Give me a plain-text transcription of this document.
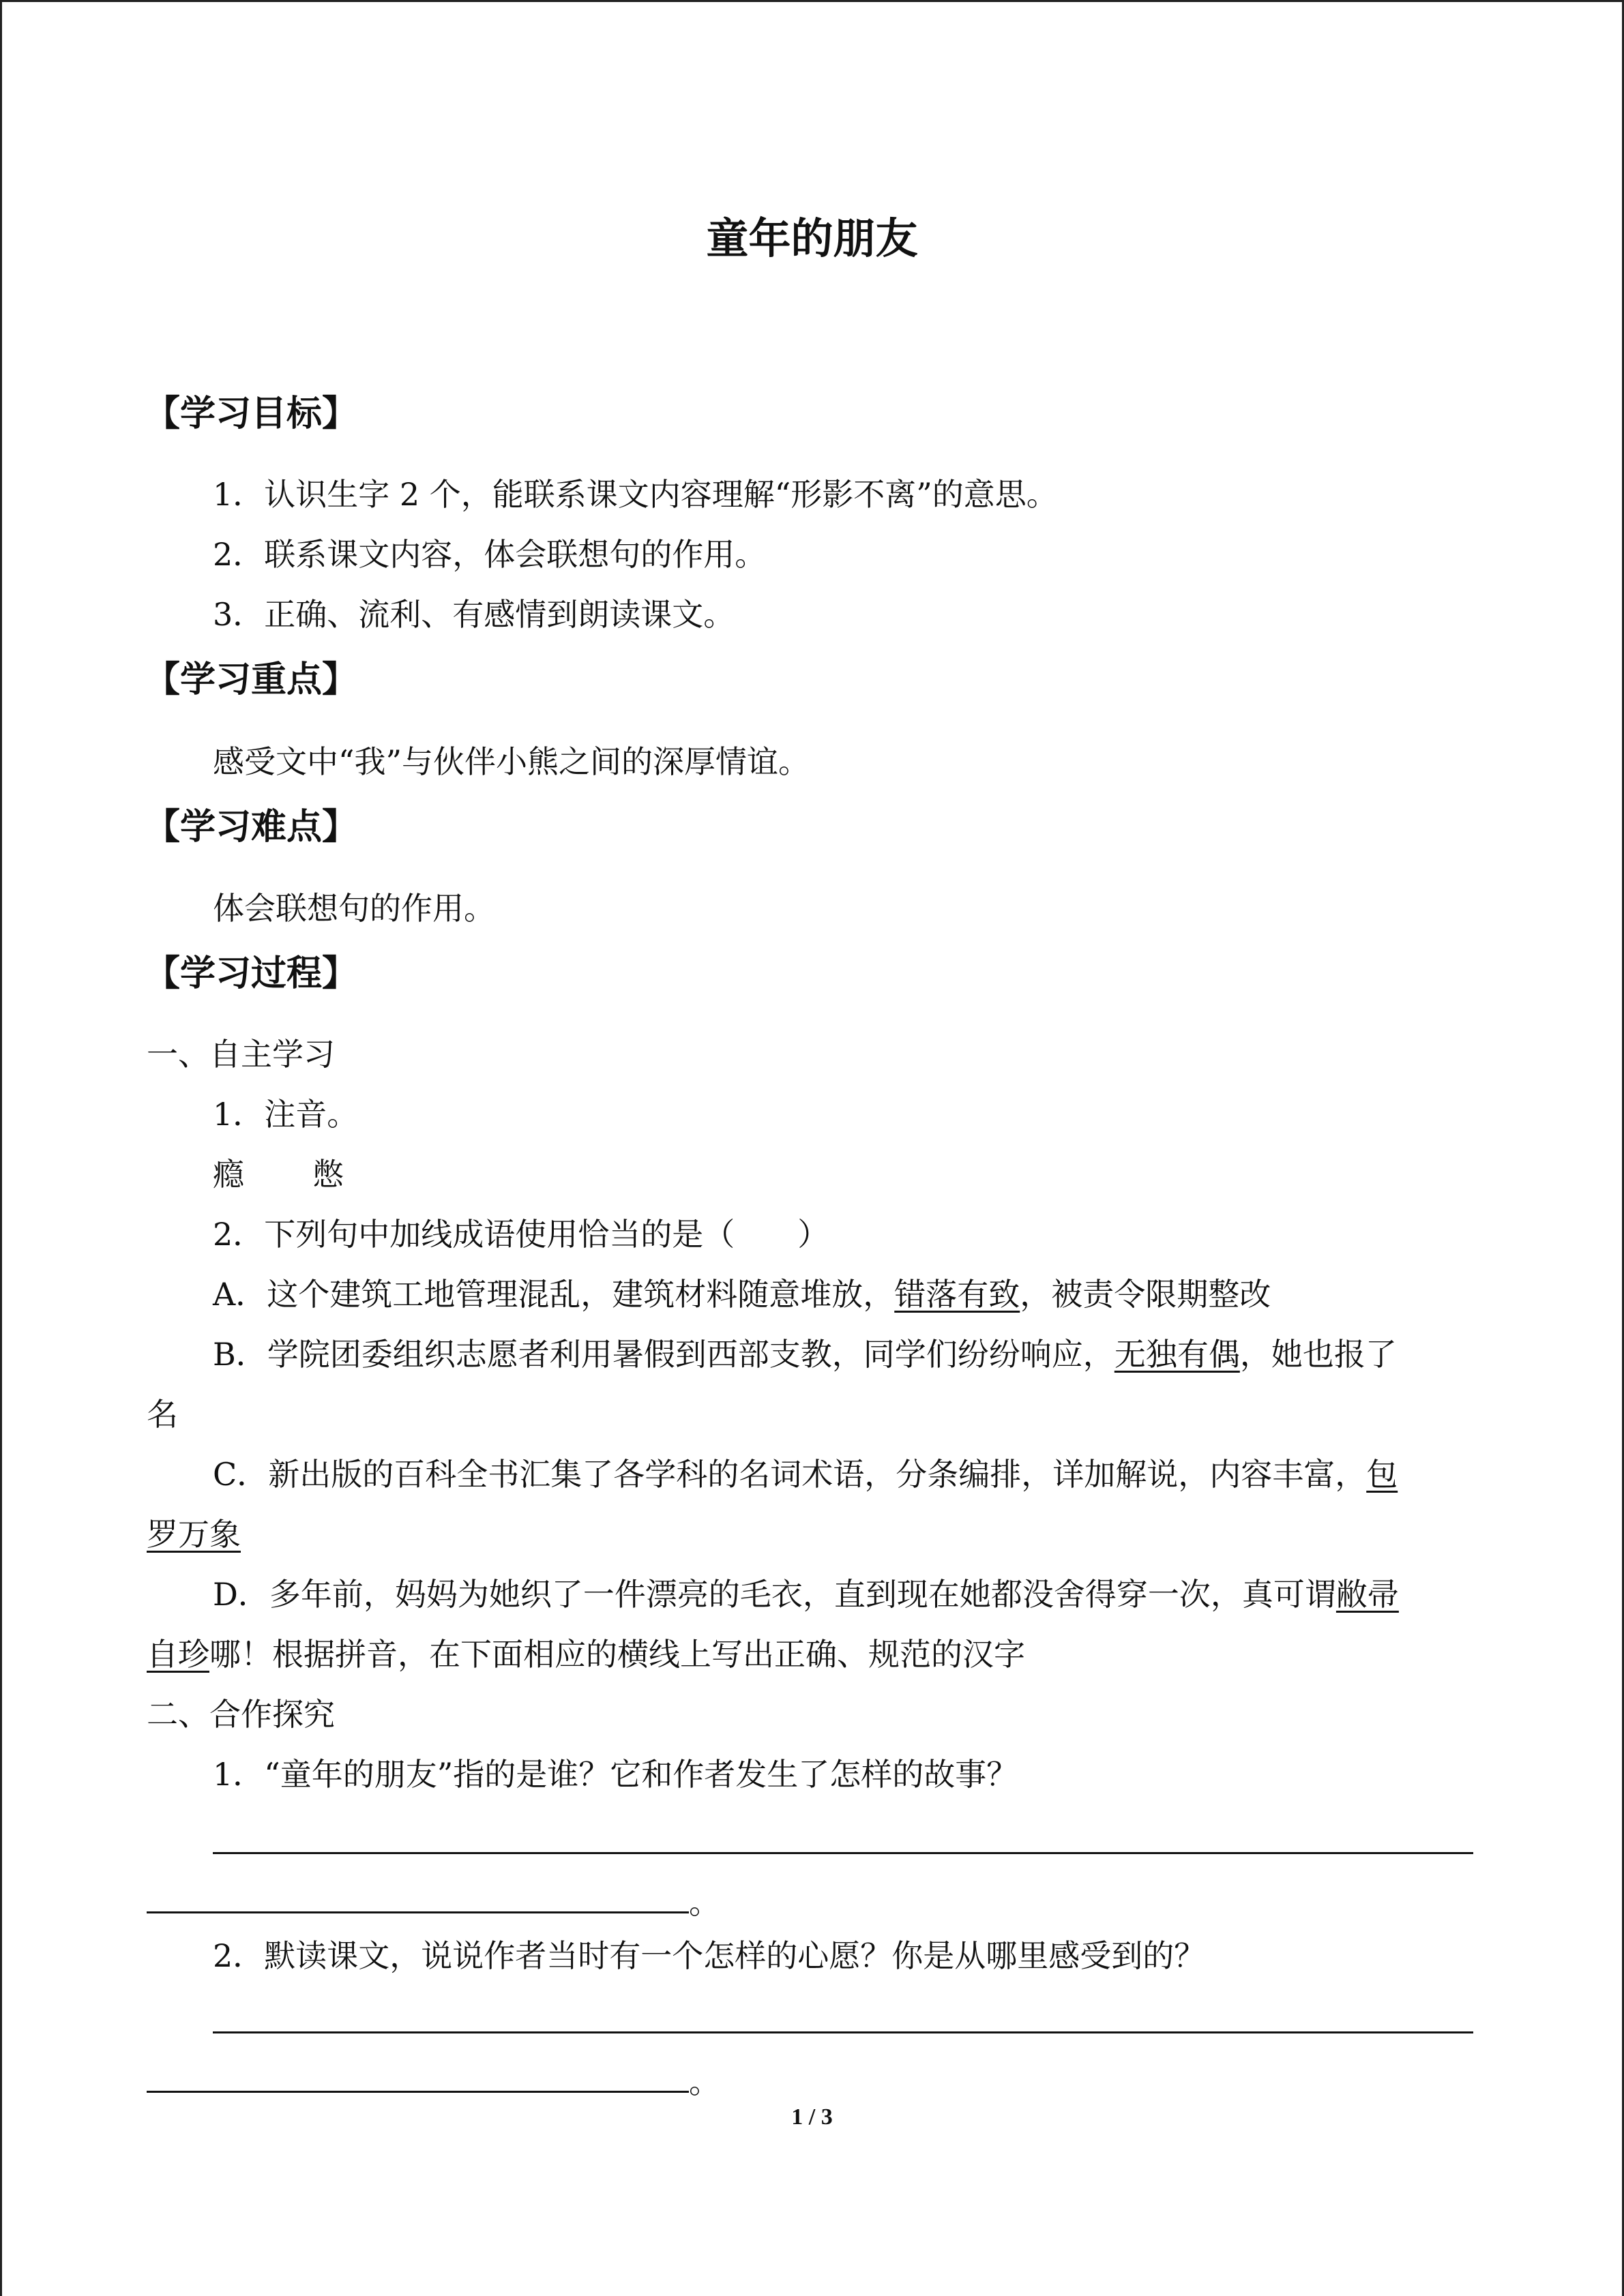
童年的朋友
【学习目标】
1．认识生字 2 个，能联系课文内容理解“形影不离”的意思。
2．联系课文内容，体会联想句的作用。
3．正确、流利、有感情到朗读课文。
【学习重点】
感受文中“我”与伙伴小熊之间的深厚情谊。
【学习难点】
体会联想句的作用。
【学习过程】
一、自主学习
1．注音。
瘾 憋
2．下列句中加线成语使用恰当的是（　　）
A．这个建筑工地管理混乱，建筑材料随意堆放，错落有致，被责令限期整改
B．学院团委组织志愿者利用暑假到西部支教，同学们纷纷响应，无独有偶，她也报了
名
C．新出版的百科全书汇集了各学科的名词术语，分条编排，详加解说，内容丰富，包
罗万象
D．多年前，妈妈为她织了一件漂亮的毛衣，直到现在她都没舍得穿一次，真可谓敝帚
自珍哪！根据拼音，在下面相应的横线上写出正确、规范的汉字
二、合作探究
1．“童年的朋友”指的是谁？它和作者发生了怎样的故事？
。
2．默读课文，说说作者当时有一个怎样的心愿？你是从哪里感受到的？
。
1 / 3
